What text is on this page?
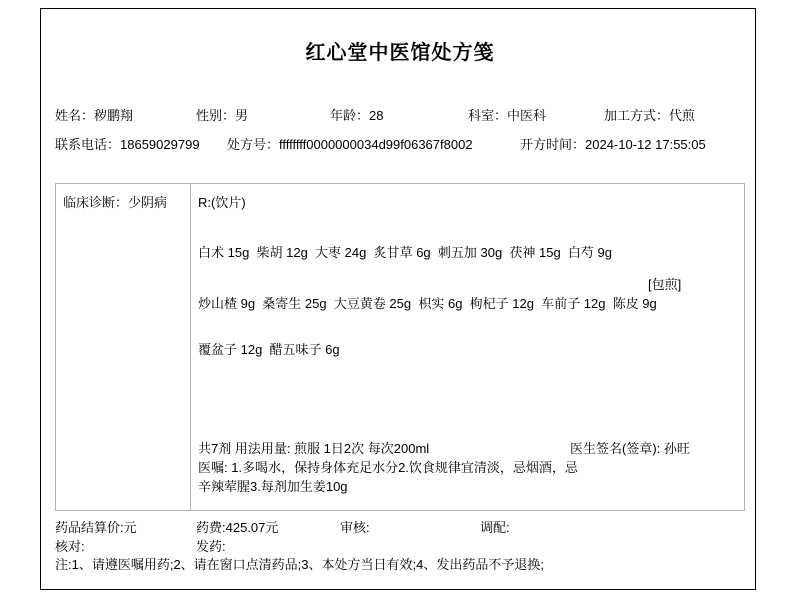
红心堂中医馆处方笺
姓名：秽鹏翔	性别：男	年龄：28	科室：中医科	加工方式：代煎
联系电话：18659029799 处方号：ffffffff0000000034d99f06367f8002	开方时间：2024-10-12 17:55:05
临床诊断：少阴病 R:(饮片)
白术 15g  柴胡 12g  大枣 24g  炙甘草 6g  刺五加 30g  茯神 15g  白芍 9g
[包煎]
炒山楂 9g  桑寄生 25g  大豆黄卷 25g  枳实 6g  枸杞子 12g  车前子 12g  陈皮 9g
覆盆子 12g  醋五味子 6g
共7剂 用法用量: 煎服 1日2次 每次200ml	医生签名(签章): 孙旺
医嘱: 1.多喝水，保持身体充足水分2.饮食规律宜清淡，忌烟酒，忌
辛辣荤腥3.每剂加生姜10g
药品结算价:元	药费:425.07元	审核:	调配:
核对:	发药:
注:1、请遵医嘱用药;2、请在窗口点清药品;3、本处方当日有效;4、发出药品不予退换;
